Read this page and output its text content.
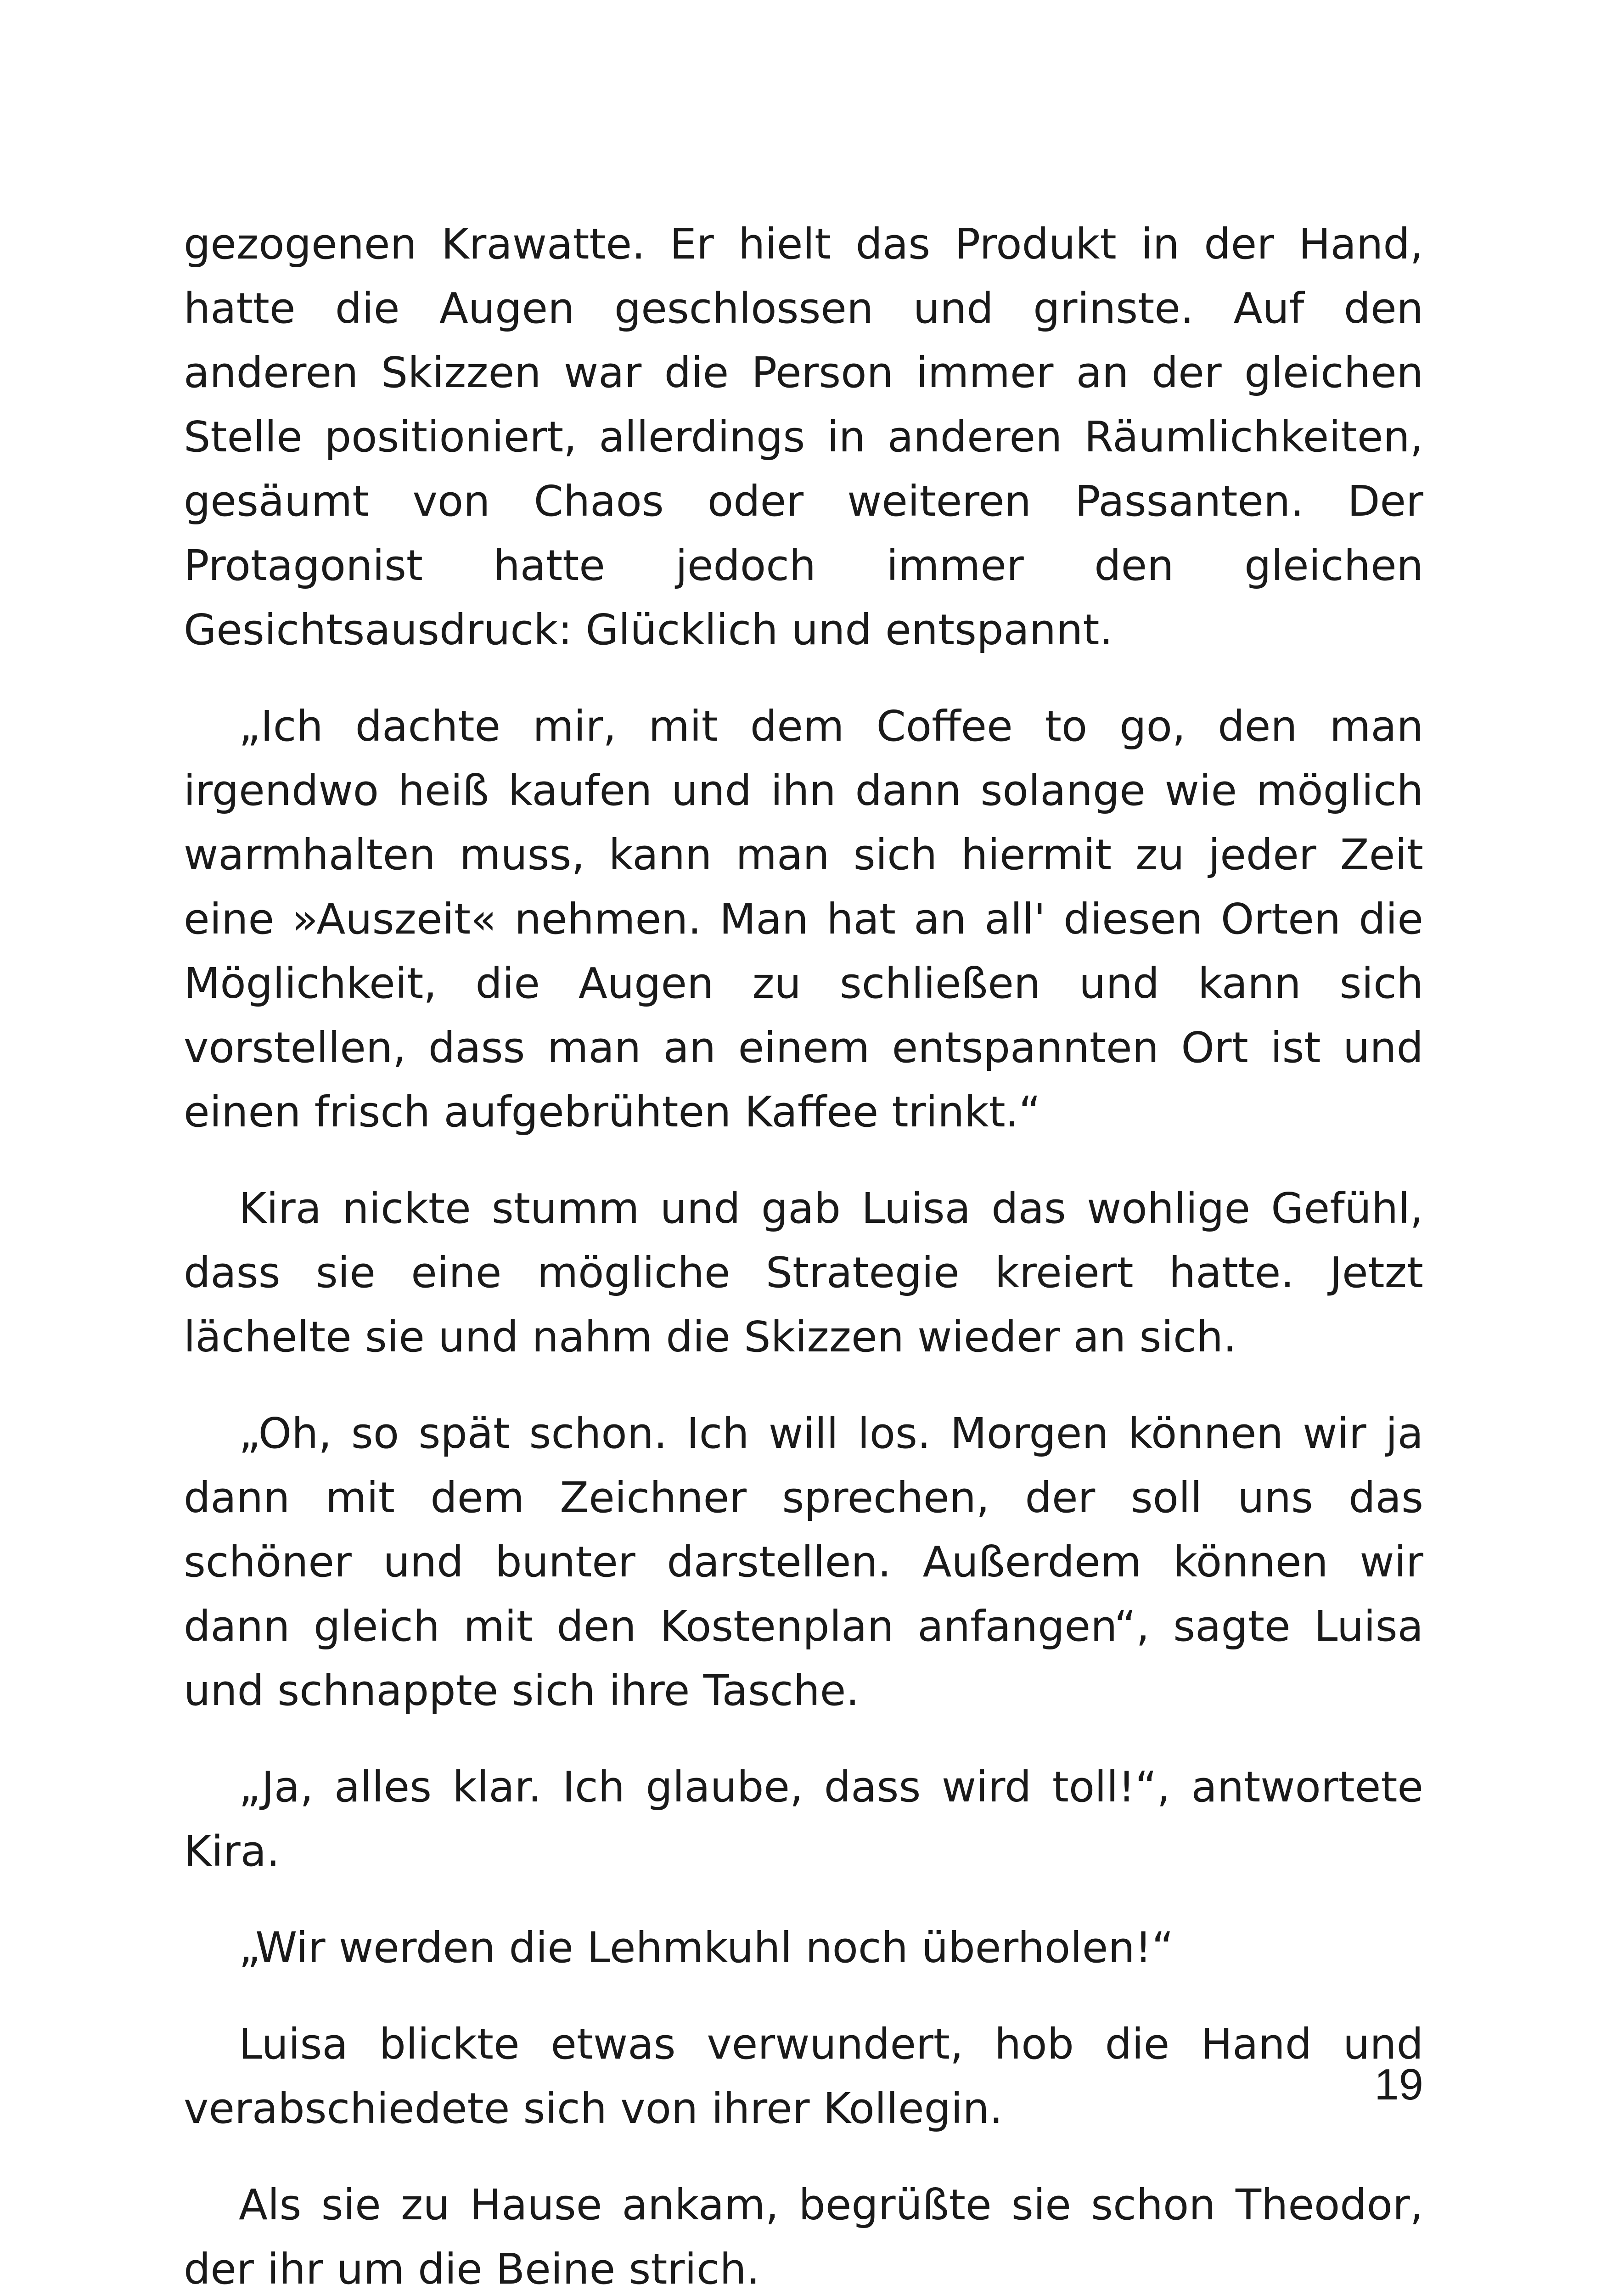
gezogenen Krawatte. Er hielt das Produkt in der Hand, hatte die Augen geschlossen und grinste. Auf den anderen Skizzen war die Person immer an der gleichen Stelle positioniert, allerdings in anderen Räumlichkeiten, gesäumt von Chaos oder weiteren Passanten. Der Protagonist hatte jedoch immer den gleichen Gesichtsausdruck: Glücklich und entspannt.

„Ich dachte mir, mit dem Coffee to go, den man irgendwo heiß kaufen und ihn dann solange wie möglich warmhalten muss, kann man sich hiermit zu jeder Zeit eine »Auszeit« nehmen. Man hat an all' diesen Orten die Möglichkeit, die Augen zu schließen und kann sich vorstellen, dass man an einem entspannten Ort ist und einen frisch aufgebrühten Kaffee trinkt.“

Kira nickte stumm und gab Luisa das wohlige Gefühl, dass sie eine mögliche Strategie kreiert hatte. Jetzt lächelte sie und nahm die Skizzen wieder an sich.

„Oh, so spät schon. Ich will los. Morgen können wir ja dann mit dem Zeichner sprechen, der soll uns das schöner und bunter darstellen. Außerdem können wir dann gleich mit den Kostenplan anfangen“, sagte Luisa und schnappte sich ihre Tasche.

„Ja, alles klar. Ich glaube, dass wird toll!“, antwortete Kira.

„Wir werden die Lehmkuhl noch überholen!“

Luisa blickte etwas verwundert, hob die Hand und verabschiedete sich von ihrer Kollegin.

Als sie zu Hause ankam, begrüßte sie schon Theodor, der ihr um die Beine strich.

19
